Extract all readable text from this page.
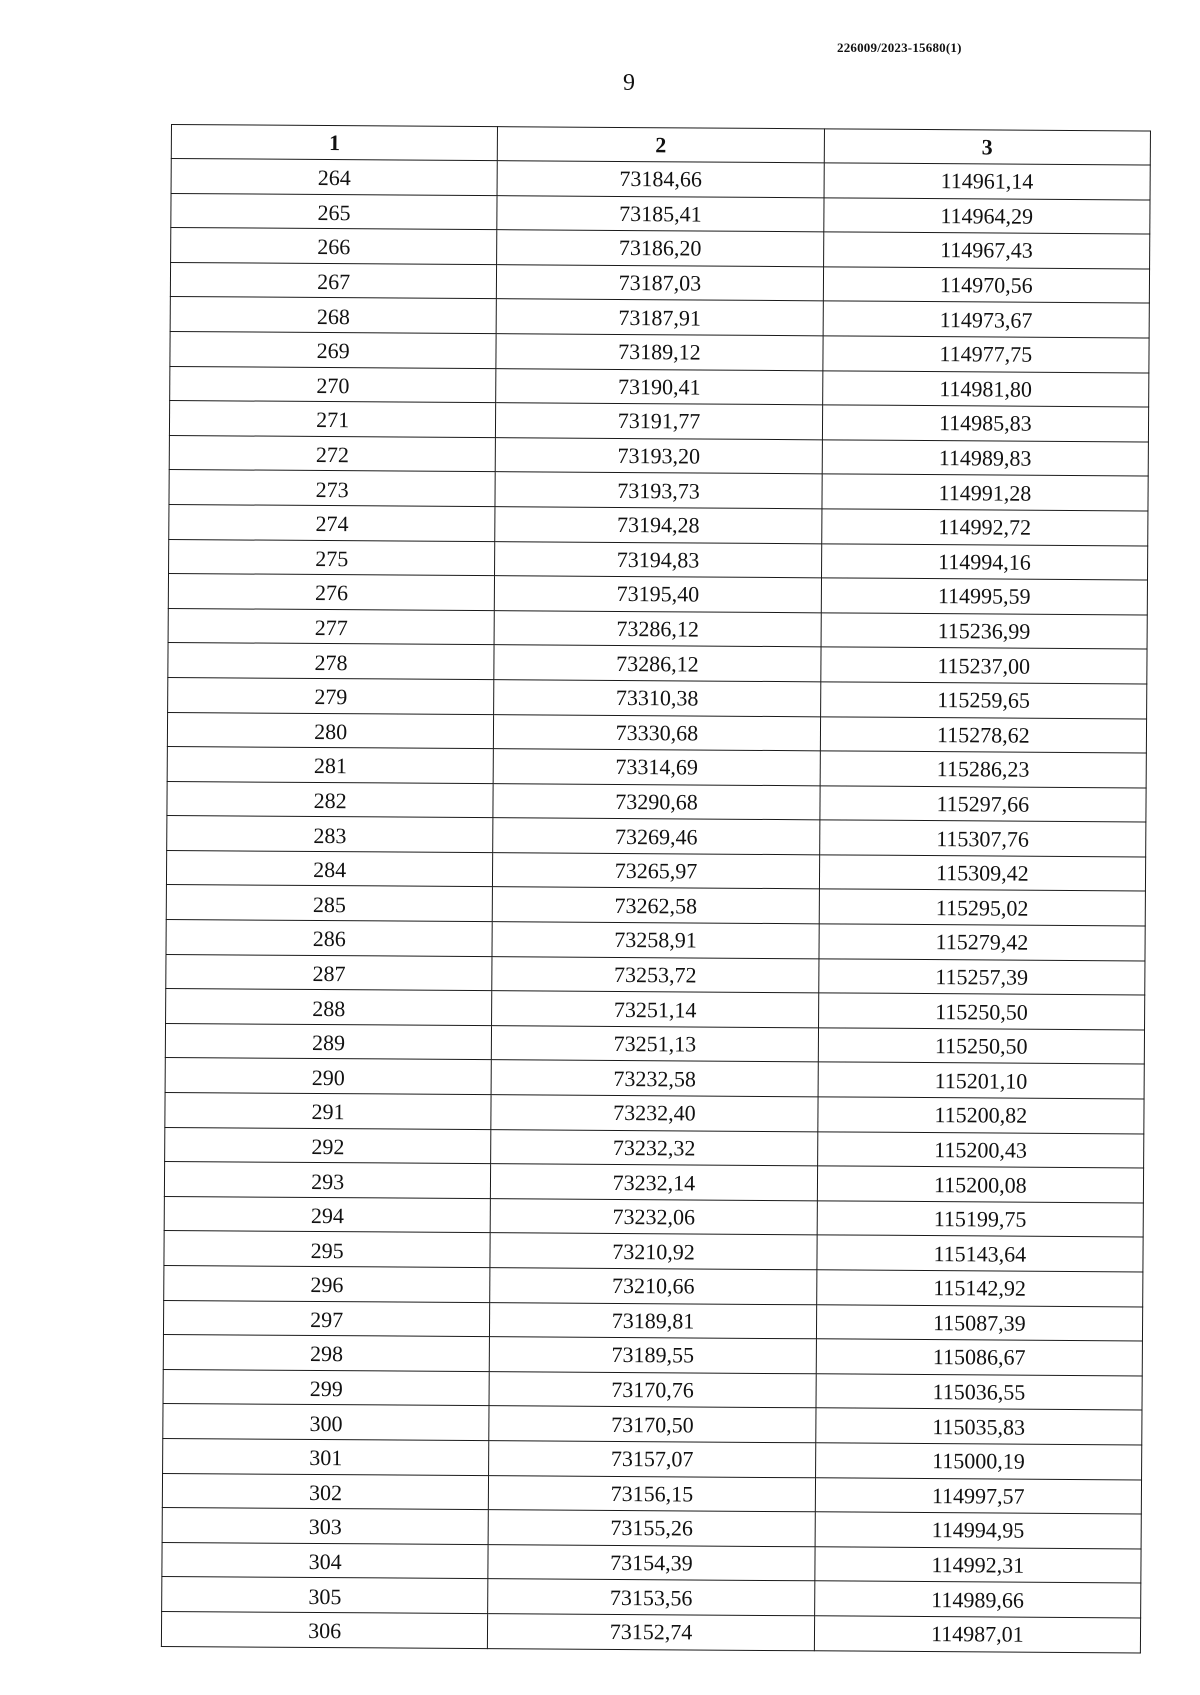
226009/2023-15680(1)
9
1	2	3
264	73184,66	114961,14
265	73185,41	114964,29
266	73186,20	114967,43
267	73187,03	114970,56
268	73187,91	114973,67
269	73189,12	114977,75
270	73190,41	114981,80
271	73191,77	114985,83
272	73193,20	114989,83
273	73193,73	114991,28
274	73194,28	114992,72
275	73194,83	114994,16
276	73195,40	114995,59
277	73286,12	115236,99
278	73286,12	115237,00
279	73310,38	115259,65
280	73330,68	115278,62
281	73314,69	115286,23
282	73290,68	115297,66
283	73269,46	115307,76
284	73265,97	115309,42
285	73262,58	115295,02
286	73258,91	115279,42
287	73253,72	115257,39
288	73251,14	115250,50
289	73251,13	115250,50
290	73232,58	115201,10
291	73232,40	115200,82
292	73232,32	115200,43
293	73232,14	115200,08
294	73232,06	115199,75
295	73210,92	115143,64
296	73210,66	115142,92
297	73189,81	115087,39
298	73189,55	115086,67
299	73170,76	115036,55
300	73170,50	115035,83
301	73157,07	115000,19
302	73156,15	114997,57
303	73155,26	114994,95
304	73154,39	114992,31
305	73153,56	114989,66
306	73152,74	114987,01
